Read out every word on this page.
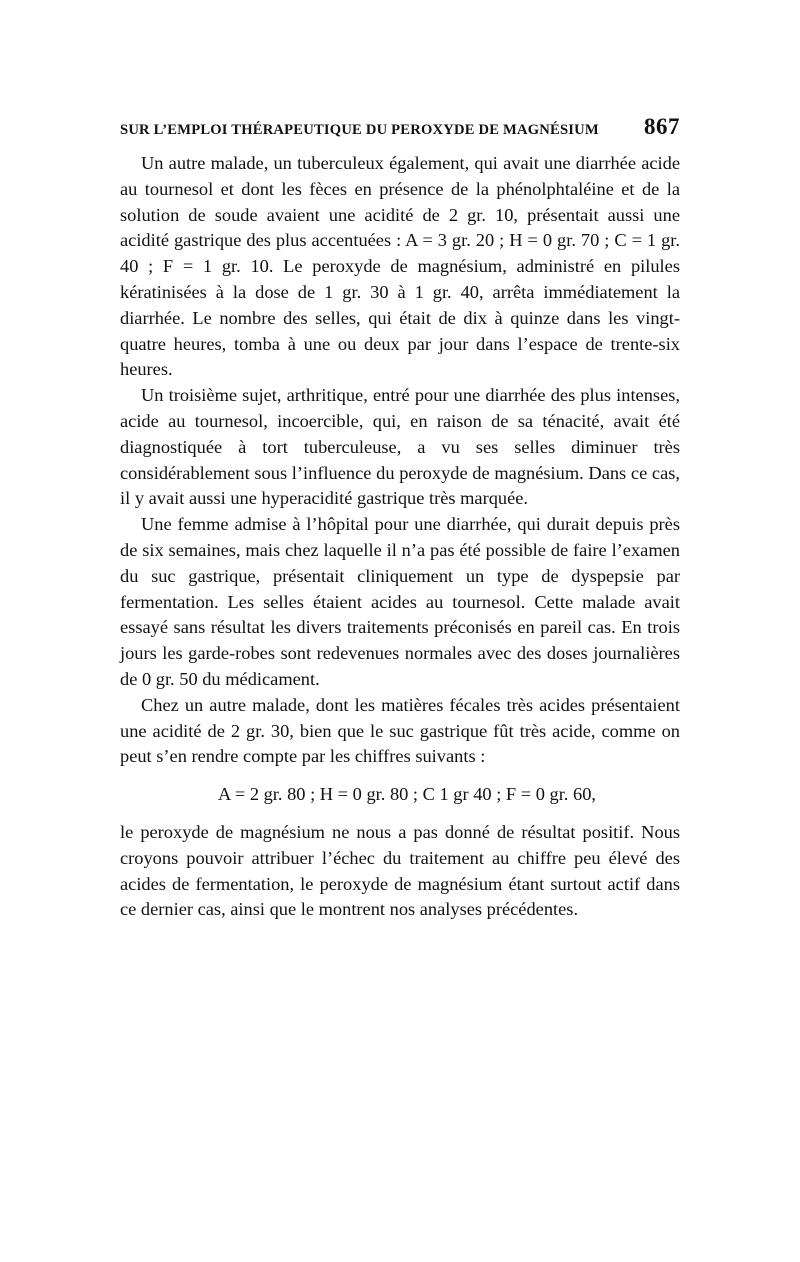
SUR L’EMPLOI THÉRAPEUTIQUE DU PEROXYDE DE MAGNÉSIUM 867

Un autre malade, un tuberculeux également, qui avait une diarrhée acide au tournesol et dont les fèces en présence de la phénolphtaléine et de la solution de soude avaient une acidité de 2 gr. 10, présentait aussi une acidité gastrique des plus accentuées : A = 3 gr. 20 ; H = 0 gr. 70 ; C = 1 gr. 40 ; F = 1 gr. 10. Le peroxyde de magnésium, administré en pilules kératinisées à la dose de 1 gr. 30 à 1 gr. 40, arrêta immédiatement la diarrhée. Le nombre des selles, qui était de dix à quinze dans les vingt-quatre heures, tomba à une ou deux par jour dans l’espace de trente-six heures.

Un troisième sujet, arthritique, entré pour une diarrhée des plus intenses, acide au tournesol, incoercible, qui, en raison de sa ténacité, avait été diagnostiquée à tort tuberculeuse, a vu ses selles diminuer très considérablement sous l’influence du peroxyde de magnésium. Dans ce cas, il y avait aussi une hyperacidité gastrique très marquée.

Une femme admise à l’hôpital pour une diarrhée, qui durait depuis près de six semaines, mais chez laquelle il n’a pas été possible de faire l’examen du suc gastrique, présentait cliniquement un type de dyspepsie par fermentation. Les selles étaient acides au tournesol. Cette malade avait essayé sans résultat les divers traitements préconisés en pareil cas. En trois jours les garde-robes sont redevenues normales avec des doses journalières de 0 gr. 50 du médicament.

Chez un autre malade, dont les matières fécales très acides présentaient une acidité de 2 gr. 30, bien que le suc gastrique fût très acide, comme on peut s’en rendre compte par les chiffres suivants :

A = 2 gr. 80 ; H = 0 gr. 80 ; C 1 gr 40 ; F = 0 gr. 60,

le peroxyde de magnésium ne nous a pas donné de résultat positif. Nous croyons pouvoir attribuer l’échec du traitement au chiffre peu élevé des acides de fermentation, le peroxyde de magnésium étant surtout actif dans ce dernier cas, ainsi que le montrent nos analyses précédentes.
